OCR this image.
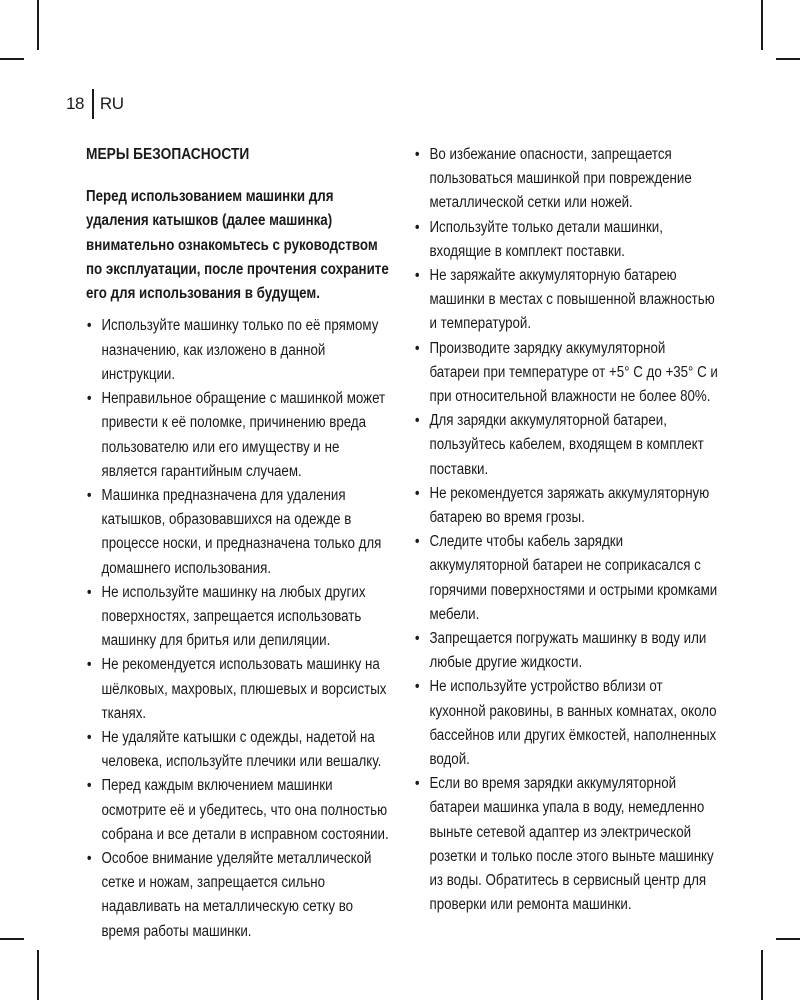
18 RU
МЕРЫ БЕЗОПАСНОСТИ

Перед использованием машинки для удаления катышков (далее машинка) внимательно ознакомьтесь с руководством по эксплуатации, после прочтения сохраните его для использования в будущем.

• Используйте машинку только по её прямому назначению, как изложено в данной инструкции.
• Неправильное обращение с машинкой может привести к её поломке, причинению вреда пользователю или его имуществу и не является гарантийным случаем.
• Машинка предназначена для удаления катышков, образовавшихся на одежде в процессе носки, и предназначена только для домашнего использования.
• Не используйте машинку на любых других поверхностях, запрещается использовать машинку для бритья или депиляции.
• Не рекомендуется использовать машинку на шёлковых, махровых, плюшевых и ворсистых тканях.
• Не удаляйте катышки с одежды, надетой на человека, используйте плечики или вешалку.
• Перед каждым включением машинки осмотрите её и убедитесь, что она полностью собрана и все детали в исправном состоянии.
• Особое внимание уделяйте металлической сетке и ножам, запрещается сильно надавливать на металлическую сетку во время работы машинки.
• Во избежание опасности, запрещается пользоваться машинкой при повреждение металлической сетки или ножей.
• Используйте только детали машинки, входящие в комплект поставки.
• Не заряжайте аккумуляторную батарею машинки в местах с повышенной влажностью и температурой.
• Производите зарядку аккумуляторной батареи при температуре от +5° С до +35° С и при относительной влажности не более 80%.
• Для зарядки аккумуляторной батареи, пользуйтесь кабелем, входящем в комплект поставки.
• Не рекомендуется заряжать аккумуляторную батарею во время грозы.
• Следите чтобы кабель зарядки аккумуляторной батареи не соприкасался с горячими поверхностями и острыми кромками мебели.
• Запрещается погружать машинку в воду или любые другие жидкости.
• Не используйте устройство вблизи от кухонной раковины, в ванных комнатах, около бассейнов или других ёмкостей, наполненных водой.
• Если во время зарядки аккумуляторной батареи машинка упала в воду, немедленно выньте сетевой адаптер из электрической розетки и только после этого выньте машинку из воды. Обратитесь в сервисный центр для проверки или ремонта машинки.
